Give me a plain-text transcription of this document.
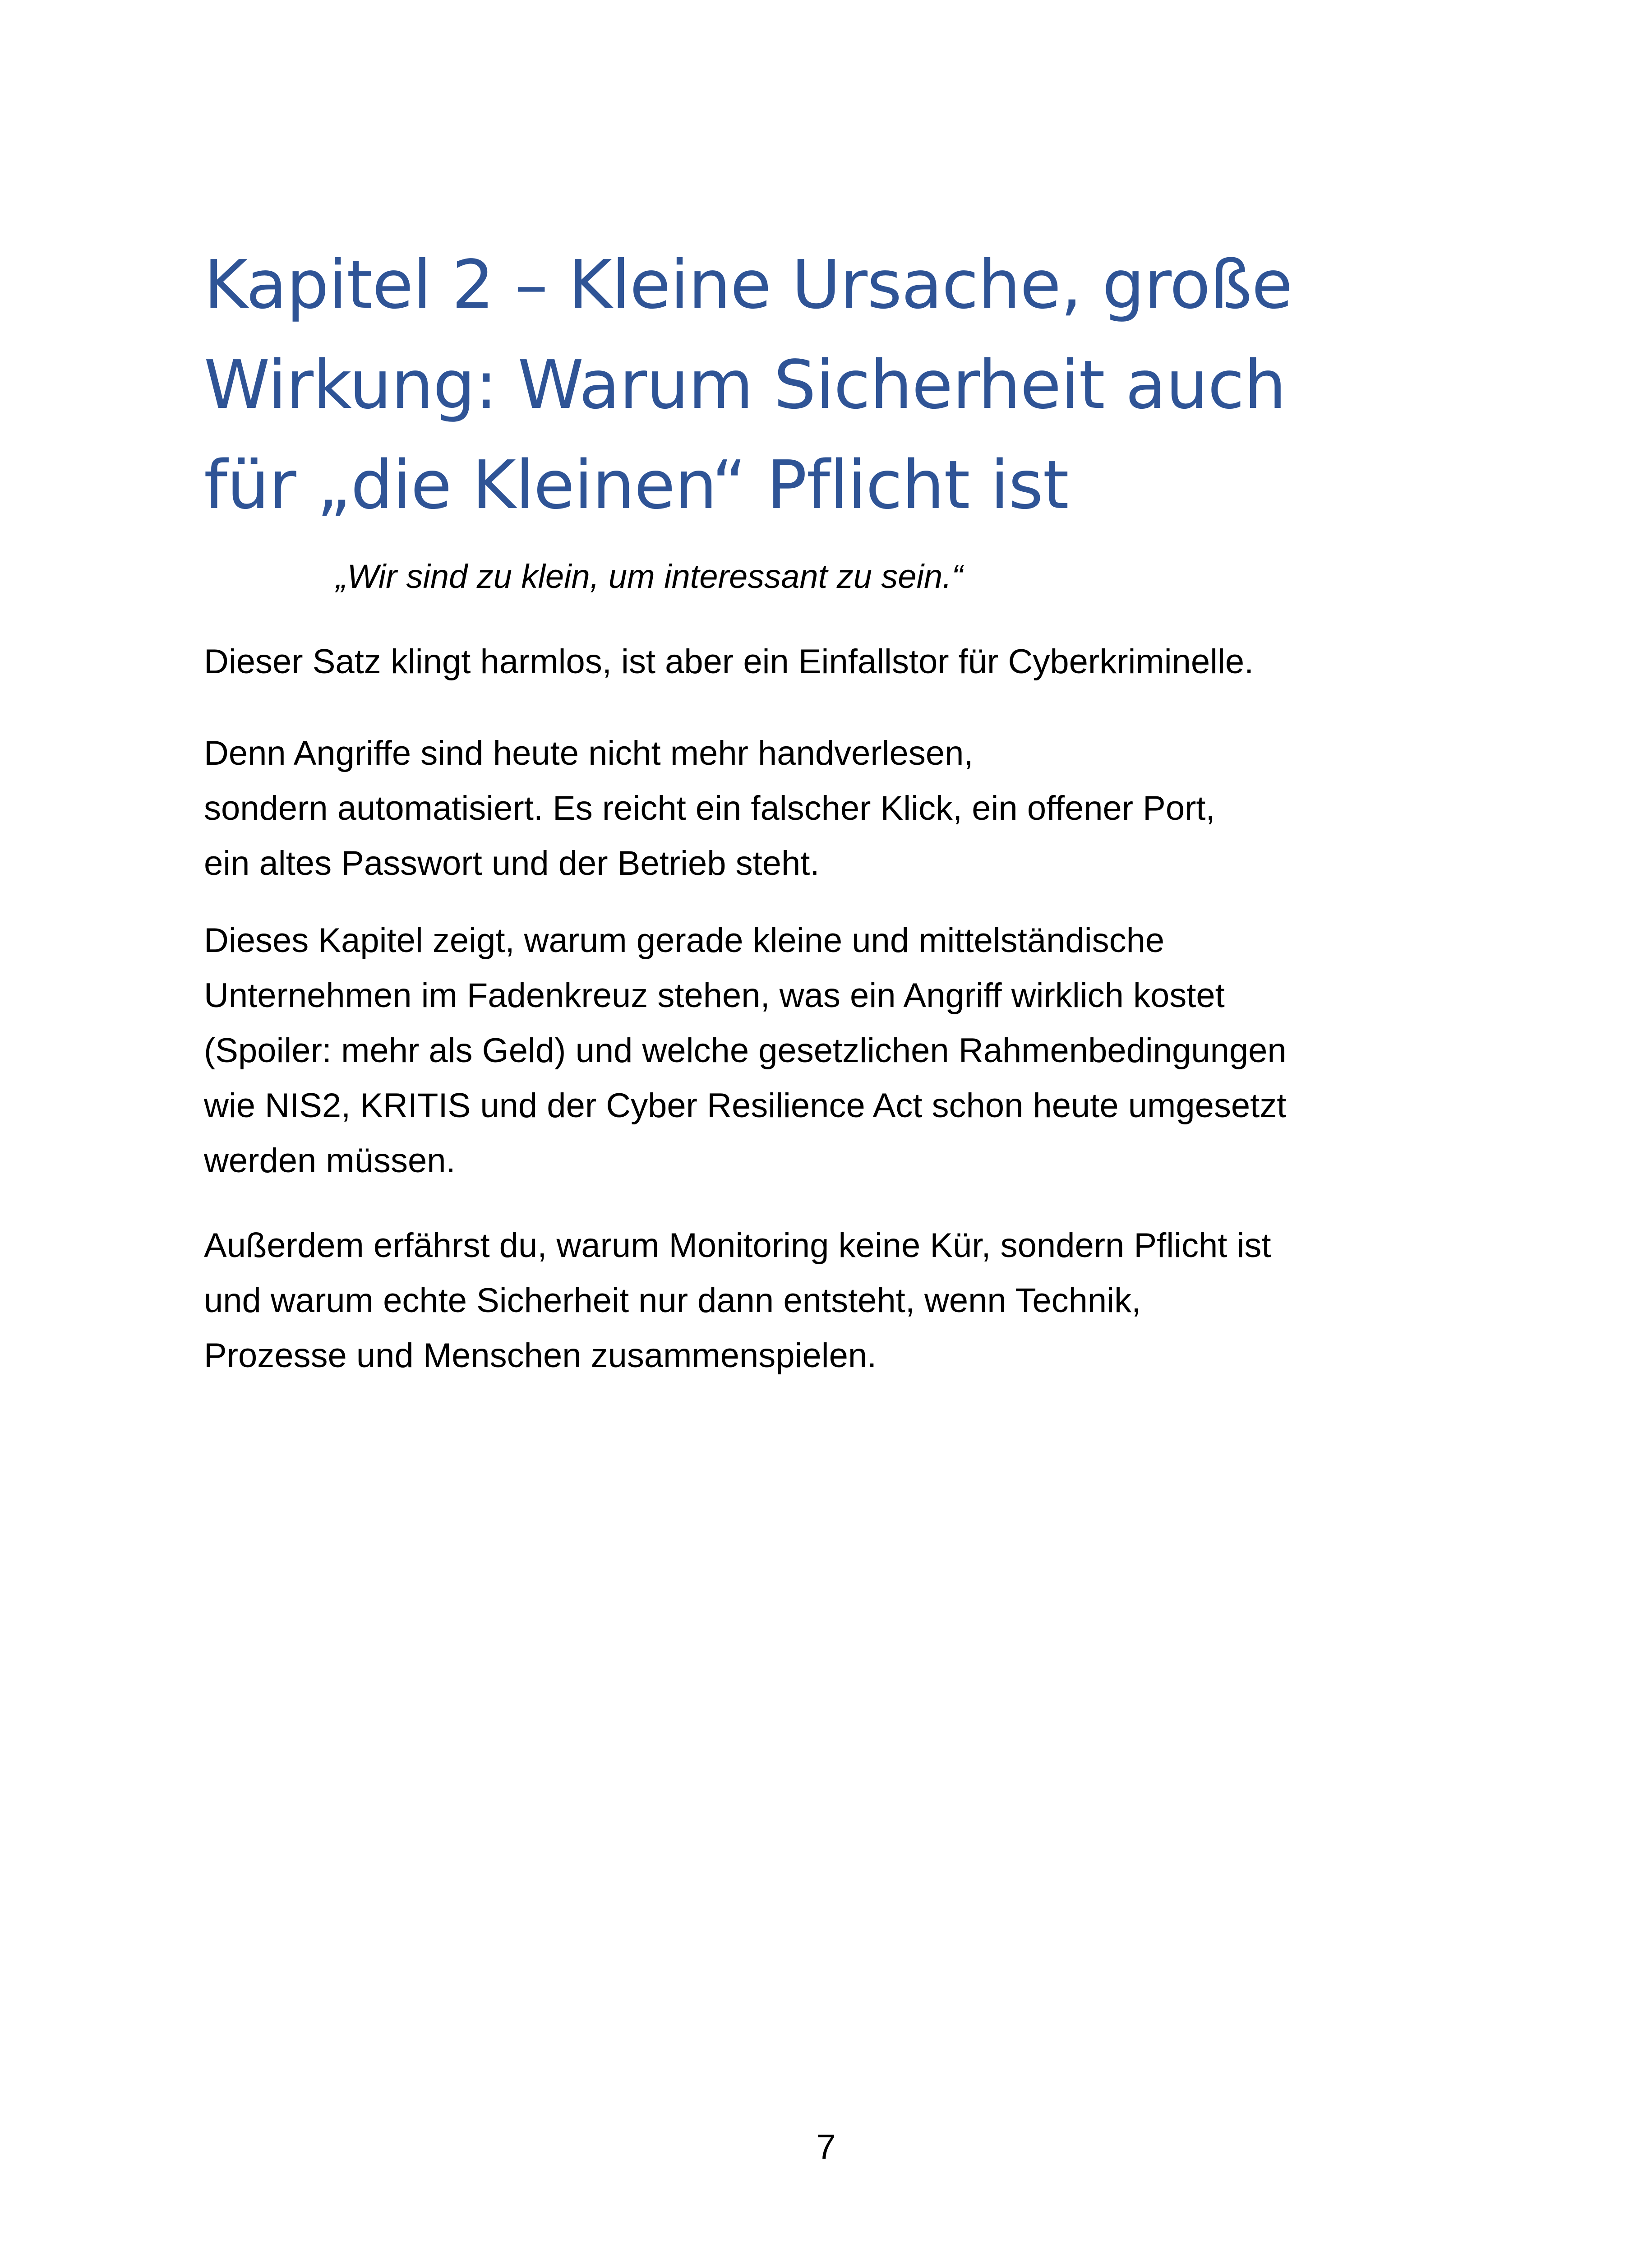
Kapitel 2 – Kleine Ursache, große
Wirkung: Warum Sicherheit auch
für „die Kleinen“ Pflicht ist

„Wir sind zu klein, um interessant zu sein.“

Dieser Satz klingt harmlos, ist aber ein Einfallstor für Cyberkriminelle.

Denn Angriffe sind heute nicht mehr handverlesen,
sondern automatisiert. Es reicht ein falscher Klick, ein offener Port,
ein altes Passwort und der Betrieb steht.

Dieses Kapitel zeigt, warum gerade kleine und mittelständische
Unternehmen im Fadenkreuz stehen, was ein Angriff wirklich kostet
(Spoiler: mehr als Geld) und welche gesetzlichen Rahmenbedingungen
wie NIS2, KRITIS und der Cyber Resilience Act schon heute umgesetzt
werden müssen.

Außerdem erfährst du, warum Monitoring keine Kür, sondern Pflicht ist
und warum echte Sicherheit nur dann entsteht, wenn Technik,
Prozesse und Menschen zusammenspielen.

7
